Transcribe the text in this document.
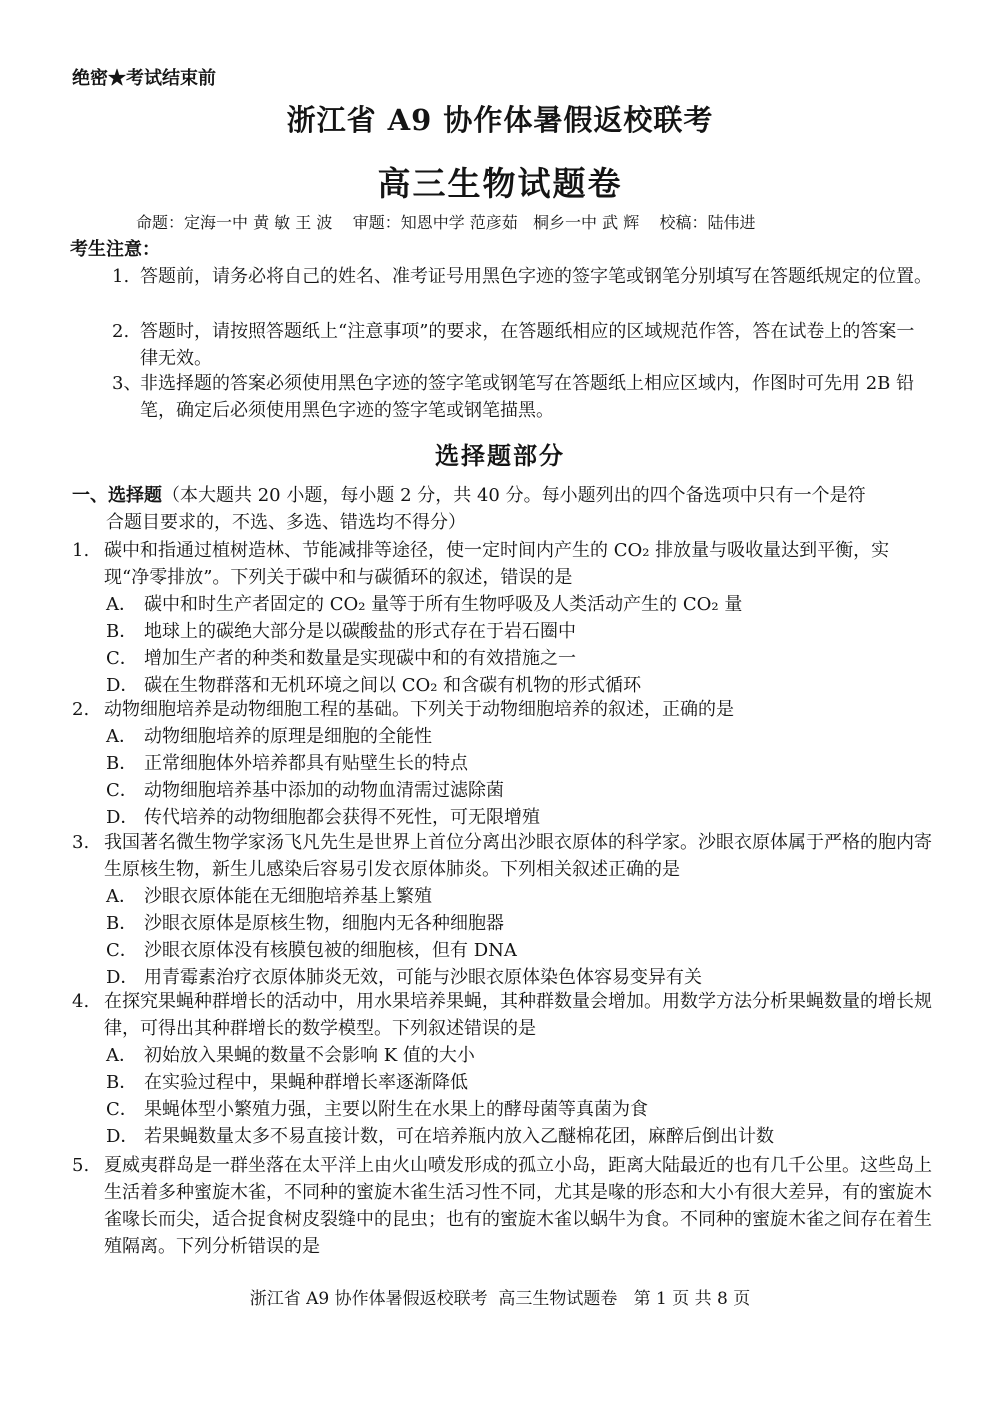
绝密★考试结束前
浙江省 A9 协作体暑假返校联考
高三生物试题卷
命题：定海一中 黄 敏 王 波    审题：知恩中学 范彦茹   桐乡一中 武 辉    校稿：陆伟进
考生注意：
1. 答题前，请务必将自己的姓名、准考证号用黑色字迹的签字笔或钢笔分别填写在答题纸规定的位置。
2. 答题时，请按照答题纸上“注意事项”的要求，在答题纸相应的区域规范作答，答在试卷上的答案一律无效。
3、
非选择题的答案必须使用黑色字迹的签字笔或钢笔写在答题纸上相应区域内，作图时可先用 2B 铅笔，确定后必须使用黑色字迹的签字笔或钢笔描黑。
选择题部分
一、选择题（本大题共 20 小题，每小题 2 分，共 40 分。每小题列出的四个备选项中只有一个是符
合题目要求的，不选、多选、错选均不得分）
1. 碳中和指通过植树造林、节能减排等途径，使一定时间内产生的 CO₂ 排放量与吸收量达到平衡，实现“净零排放”。下列关于碳中和与碳循环的叙述，错误的是
A． 碳中和时生产者固定的 CO₂ 量等于所有生物呼吸及人类活动产生的 CO₂ 量
B． 地球上的碳绝大部分是以碳酸盐的形式存在于岩石圈中
C． 增加生产者的种类和数量是实现碳中和的有效措施之一
D． 碳在生物群落和无机环境之间以 CO₂ 和含碳有机物的形式循环
2. 动物细胞培养是动物细胞工程的基础。下列关于动物细胞培养的叙述，正确的是
A． 动物细胞培养的原理是细胞的全能性
B． 正常细胞体外培养都具有贴壁生长的特点
C． 动物细胞培养基中添加的动物血清需过滤除菌
D． 传代培养的动物细胞都会获得不死性，可无限增殖
3. 我国著名微生物学家汤飞凡先生是世界上首位分离出沙眼衣原体的科学家。沙眼衣原体属于严格的胞内寄生原核生物，新生儿感染后容易引发衣原体肺炎。下列相关叙述正确的是
A． 沙眼衣原体能在无细胞培养基上繁殖
B． 沙眼衣原体是原核生物，细胞内无各种细胞器
C． 沙眼衣原体没有核膜包被的细胞核，但有 DNA
D． 用青霉素治疗衣原体肺炎无效，可能与沙眼衣原体染色体容易变异有关
4. 在探究果蝇种群增长的活动中，用水果培养果蝇，其种群数量会增加。用数学方法分析果蝇数量的增长规律，可得出其种群增长的数学模型。下列叙述错误的是
A． 初始放入果蝇的数量不会影响 K 值的大小
B． 在实验过程中，果蝇种群增长率逐渐降低
C． 果蝇体型小繁殖力强，主要以附生在水果上的酵母菌等真菌为食
D． 若果蝇数量太多不易直接计数，可在培养瓶内放入乙醚棉花团，麻醉后倒出计数
5. 夏威夷群岛是一群坐落在太平洋上由火山喷发形成的孤立小岛，距离大陆最近的也有几千公里。这些岛上生活着多种蜜旋木雀，不同种的蜜旋木雀生活习性不同，尤其是喙的形态和大小有很大差异，有的蜜旋木雀喙长而尖，适合捉食树皮裂缝中的昆虫；也有的蜜旋木雀以蜗牛为食。不同种的蜜旋木雀之间存在着生殖隔离。下列分析错误的是
浙江省 A9 协作体暑假返校联考  高三生物试题卷   第 1 页 共 8 页
